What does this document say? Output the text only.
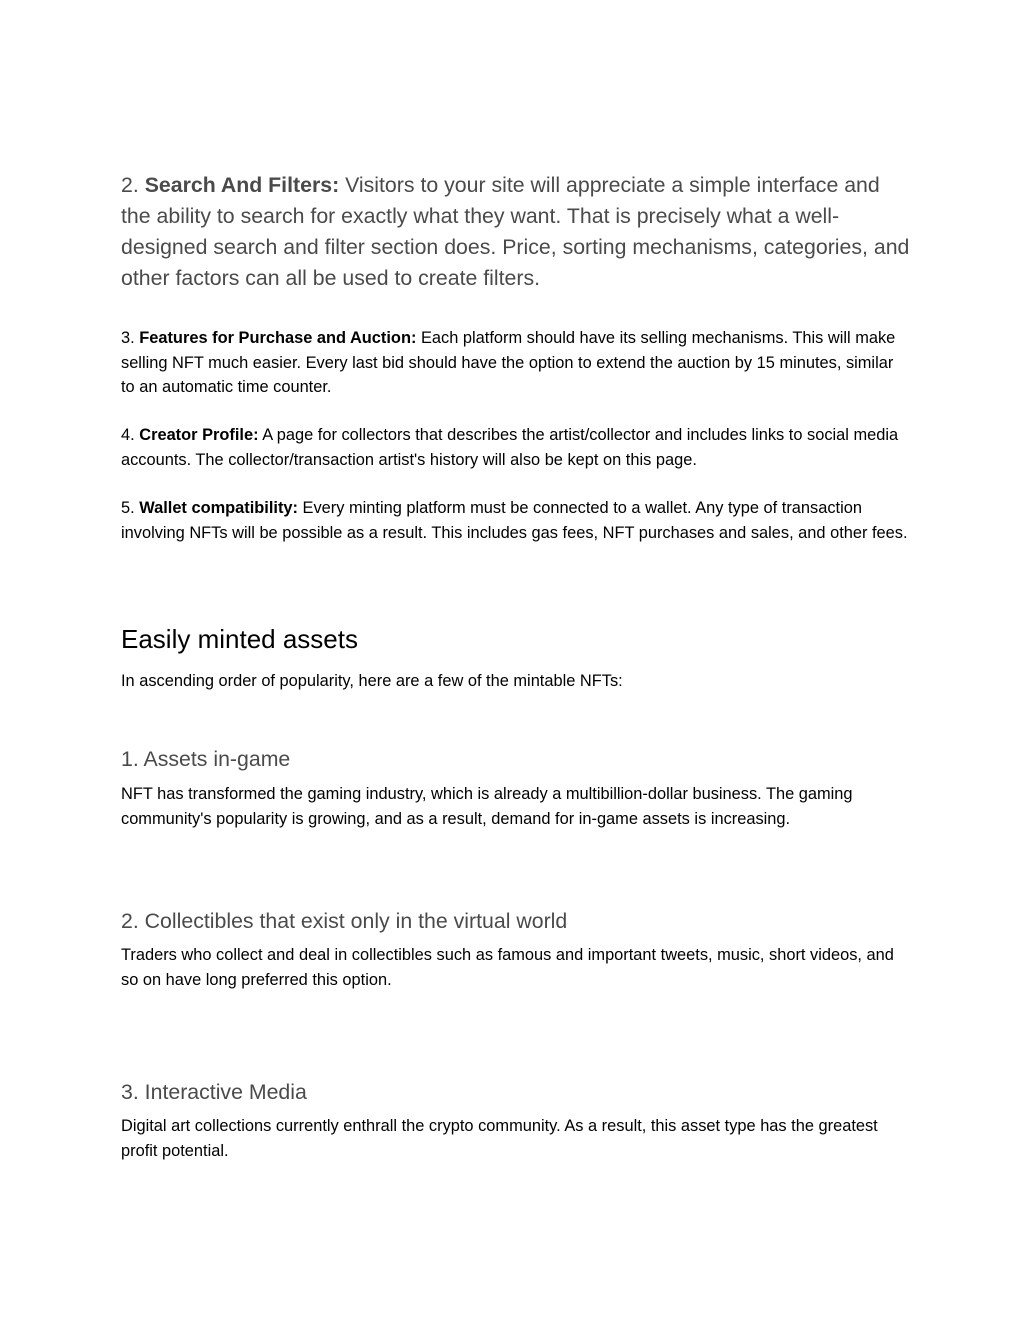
2. Search And Filters: Visitors to your site will appreciate a simple interface and the ability to search for exactly what they want. That is precisely what a well-designed search and filter section does. Price, sorting mechanisms, categories, and other factors can all be used to create filters.
3. Features for Purchase and Auction: Each platform should have its selling mechanisms. This will make selling NFT much easier. Every last bid should have the option to extend the auction by 15 minutes, similar to an automatic time counter.
4. Creator Profile: A page for collectors that describes the artist/collector and includes links to social media accounts. The collector/transaction artist's history will also be kept on this page.
5. Wallet compatibility: Every minting platform must be connected to a wallet. Any type of transaction involving NFTs will be possible as a result. This includes gas fees, NFT purchases and sales, and other fees.
Easily minted assets

In ascending order of popularity, here are a few of the mintable NFTs:

1. Assets in-game

NFT has transformed the gaming industry, which is already a multibillion-dollar business. The gaming community's popularity is growing, and as a result, demand for in-game assets is increasing.

2. Collectibles that exist only in the virtual world

Traders who collect and deal in collectibles such as famous and important tweets, music, short videos, and so on have long preferred this option.

3. Interactive Media

Digital art collections currently enthrall the crypto community. As a result, this asset type has the greatest profit potential.
